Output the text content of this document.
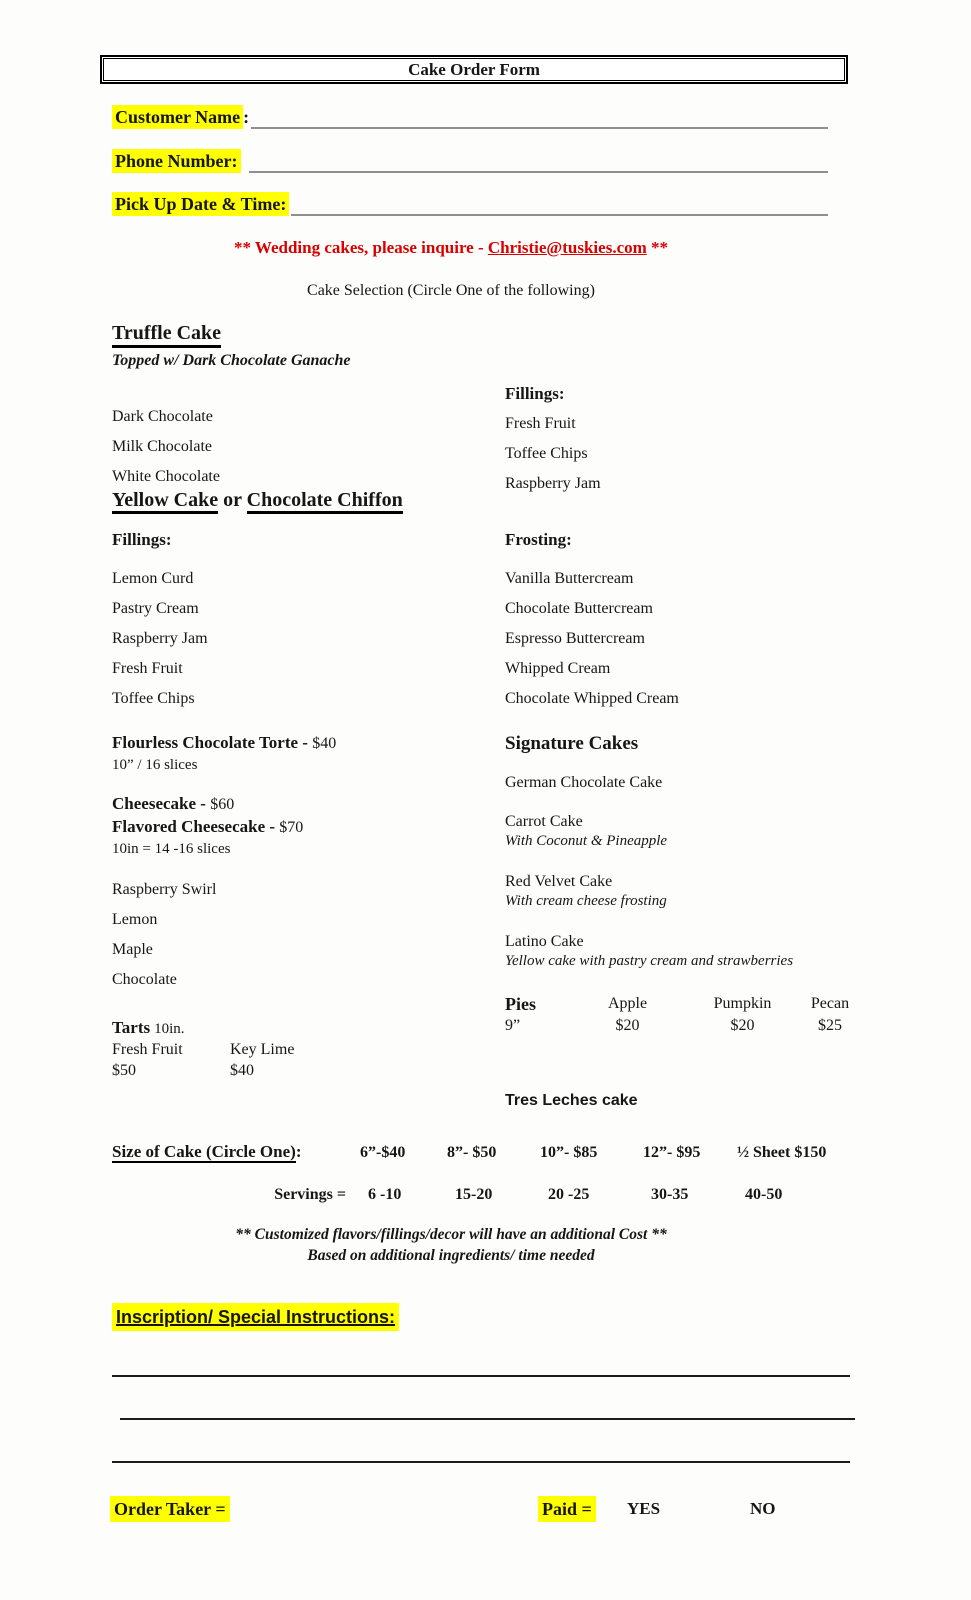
Cake Order Form
Customer Name :
Phone Number:
Pick Up Date & Time:
** Wedding cakes, please inquire - Christie@tuskies.com **
Cake Selection (Circle One of the following)
Truffle Cake
Topped w/ Dark Chocolate Ganache
Dark Chocolate
Milk Chocolate
White Chocolate
Fillings:
Fresh Fruit
Toffee Chips
Raspberry Jam
Yellow Cake or Chocolate Chiffon
Fillings:
Lemon Curd
Pastry Cream
Raspberry Jam
Fresh Fruit
Toffee Chips
Frosting:
Vanilla Buttercream
Chocolate Buttercream
Espresso Buttercream
Whipped Cream
Chocolate Whipped Cream
Flourless Chocolate Torte - $40
10” / 16 slices
Cheesecake - $60
Flavored Cheesecake - $70
10in = 14 -16 slices
Raspberry Swirl
Lemon
Maple
Chocolate
Tarts 10in.
Fresh Fruit	Key Lime
$50	$40
Signature Cakes
German Chocolate Cake
Carrot Cake
With Coconut & Pineapple
Red Velvet Cake
With cream cheese frosting
Latino Cake
Yellow cake with pastry cream and strawberries
Pies	Apple	Pumpkin	Pecan
9”	$20	$20	$25
Tres Leches cake
Size of Cake (Circle One):	6”-$40	8”- $50	10”- $85	12”- $95	½ Sheet $150
Servings =	6 -10	15-20	20 -25	30-35	40-50
** Customized flavors/fillings/decor will have an additional Cost **
Based on additional ingredients/ time needed
Inscription/ Special Instructions:
Order Taker =	Paid = YES	NO
